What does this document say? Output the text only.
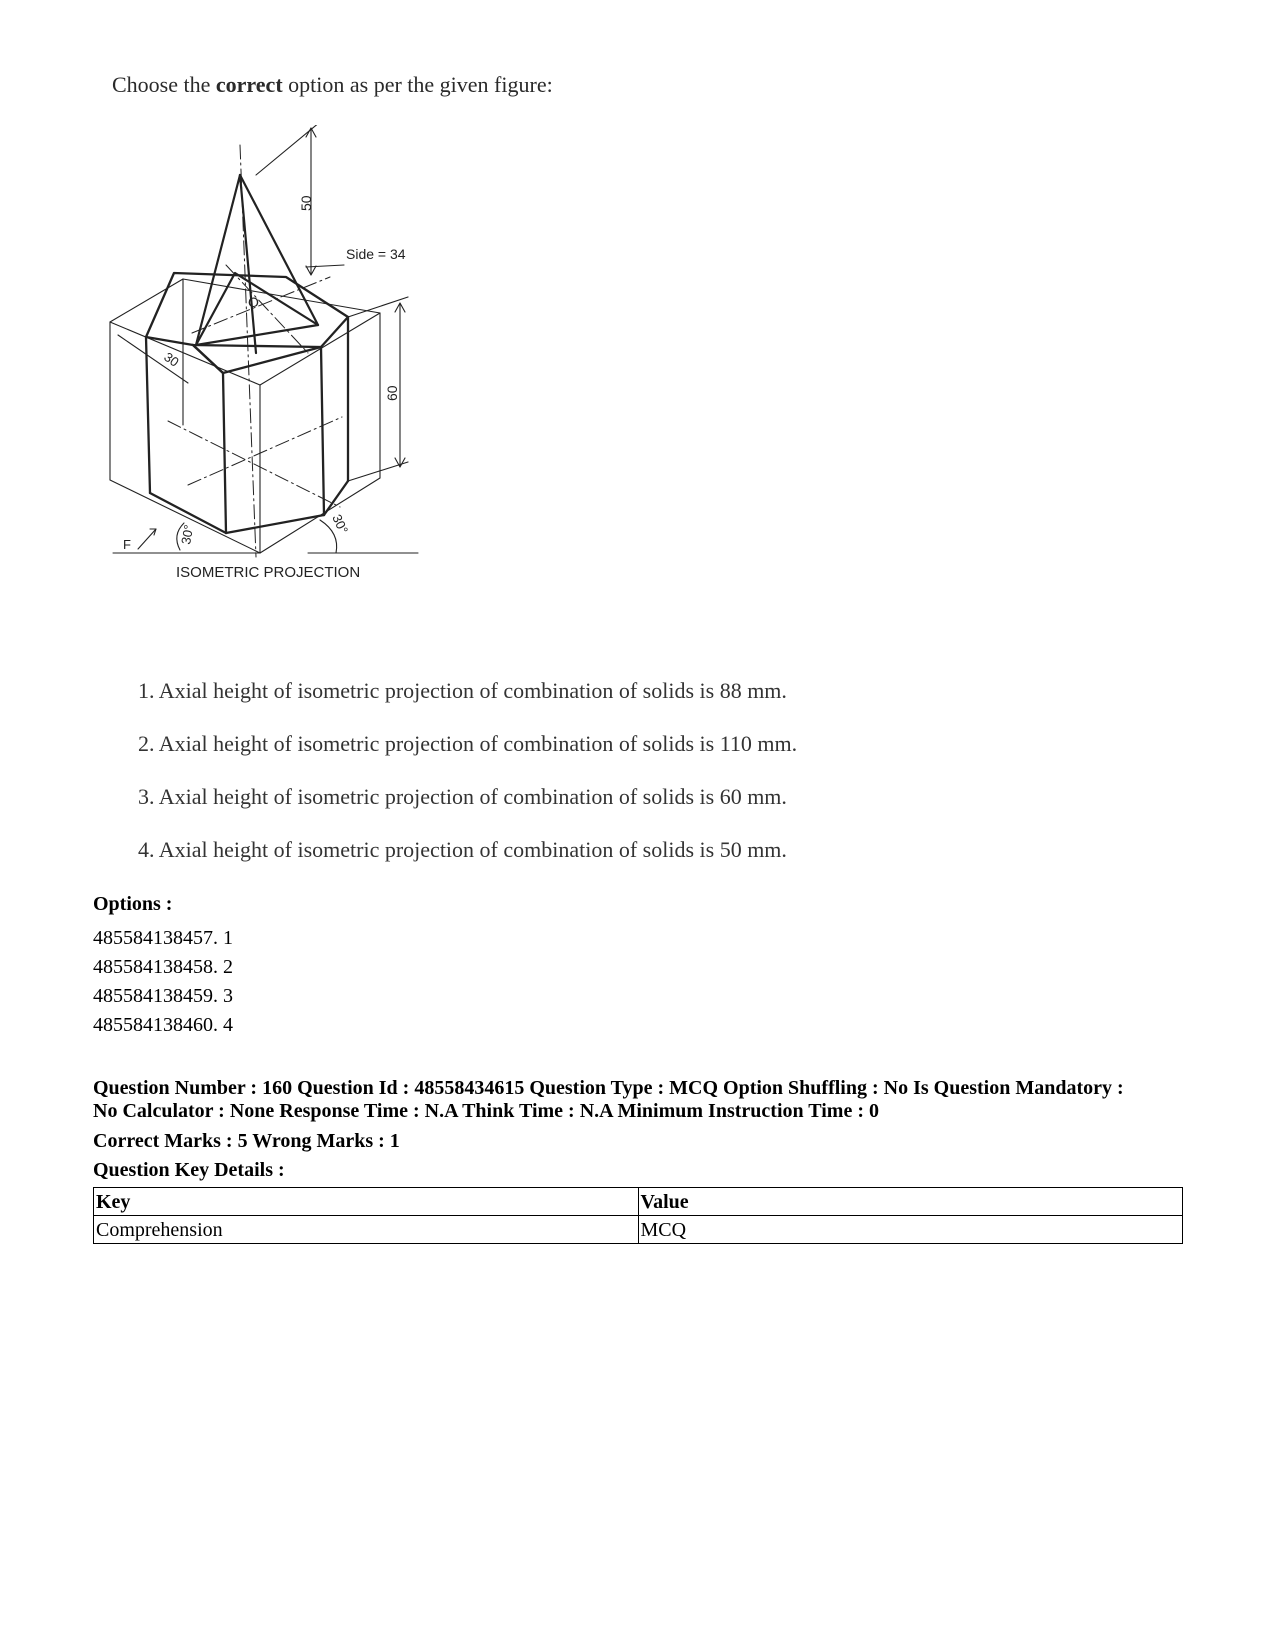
Choose the correct option as per the given figure:
50
Side = 34
O
30
60
30°	30°
F
ISOMETRIC PROJECTION
1. Axial height of isometric projection of combination of solids is 88 mm.
2. Axial height of isometric projection of combination of solids is 110 mm.
3. Axial height of isometric projection of combination of solids is 60 mm.
4. Axial height of isometric projection of combination of solids is 50 mm.
Options :
485584138457. 1
485584138458. 2
485584138459. 3
485584138460. 4
Question Number : 160 Question Id : 48558434615 Question Type : MCQ Option Shuffling : No Is Question Mandatory :
No Calculator : None Response Time : N.A Think Time : N.A Minimum Instruction Time : 0
Correct Marks : 5 Wrong Marks : 1
Question Key Details :
Key	Value
Comprehension	MCQ
